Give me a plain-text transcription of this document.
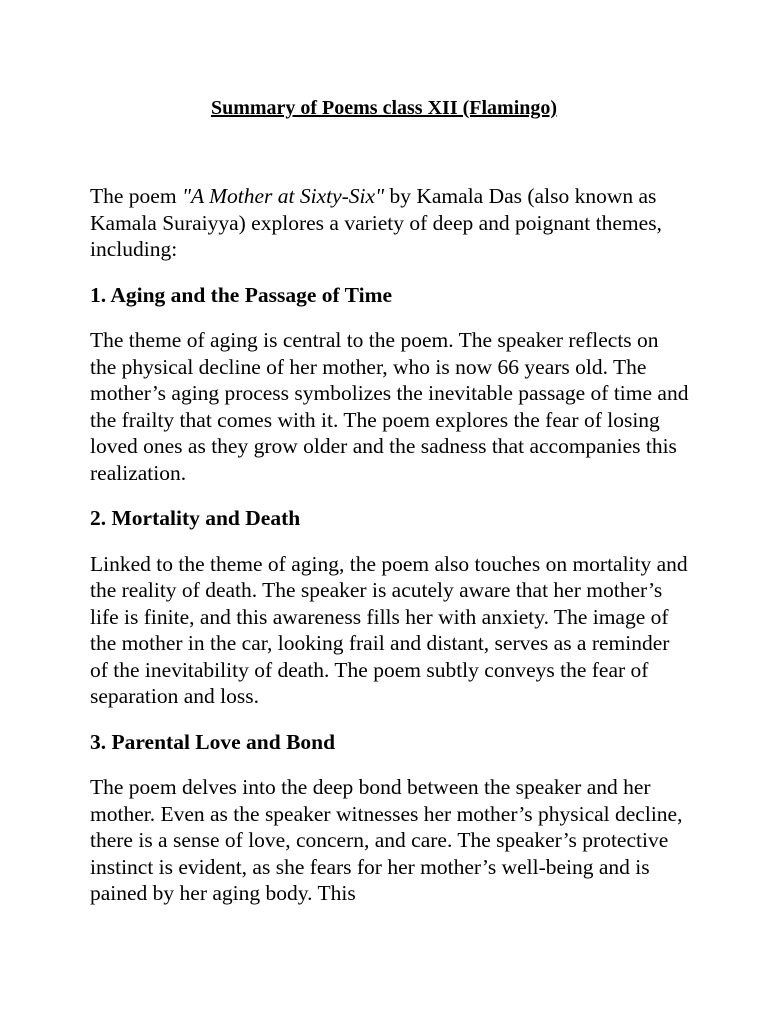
Summary of Poems class XII (Flamingo)

The poem "A Mother at Sixty-Six" by Kamala Das (also known as Kamala Suraiyya) explores a variety of deep and poignant themes, including:

1. Aging and the Passage of Time

The theme of aging is central to the poem. The speaker reflects on the physical decline of her mother, who is now 66 years old. The mother’s aging process symbolizes the inevitable passage of time and the frailty that comes with it. The poem explores the fear of losing loved ones as they grow older and the sadness that accompanies this realization.

2. Mortality and Death

Linked to the theme of aging, the poem also touches on mortality and the reality of death. The speaker is acutely aware that her mother’s life is finite, and this awareness fills her with anxiety. The image of the mother in the car, looking frail and distant, serves as a reminder of the inevitability of death. The poem subtly conveys the fear of separation and loss.

3. Parental Love and Bond

The poem delves into the deep bond between the speaker and her mother. Even as the speaker witnesses her mother’s physical decline, there is a sense of love, concern, and care. The speaker’s protective instinct is evident, as she fears for her mother’s well-being and is pained by her aging body. This
